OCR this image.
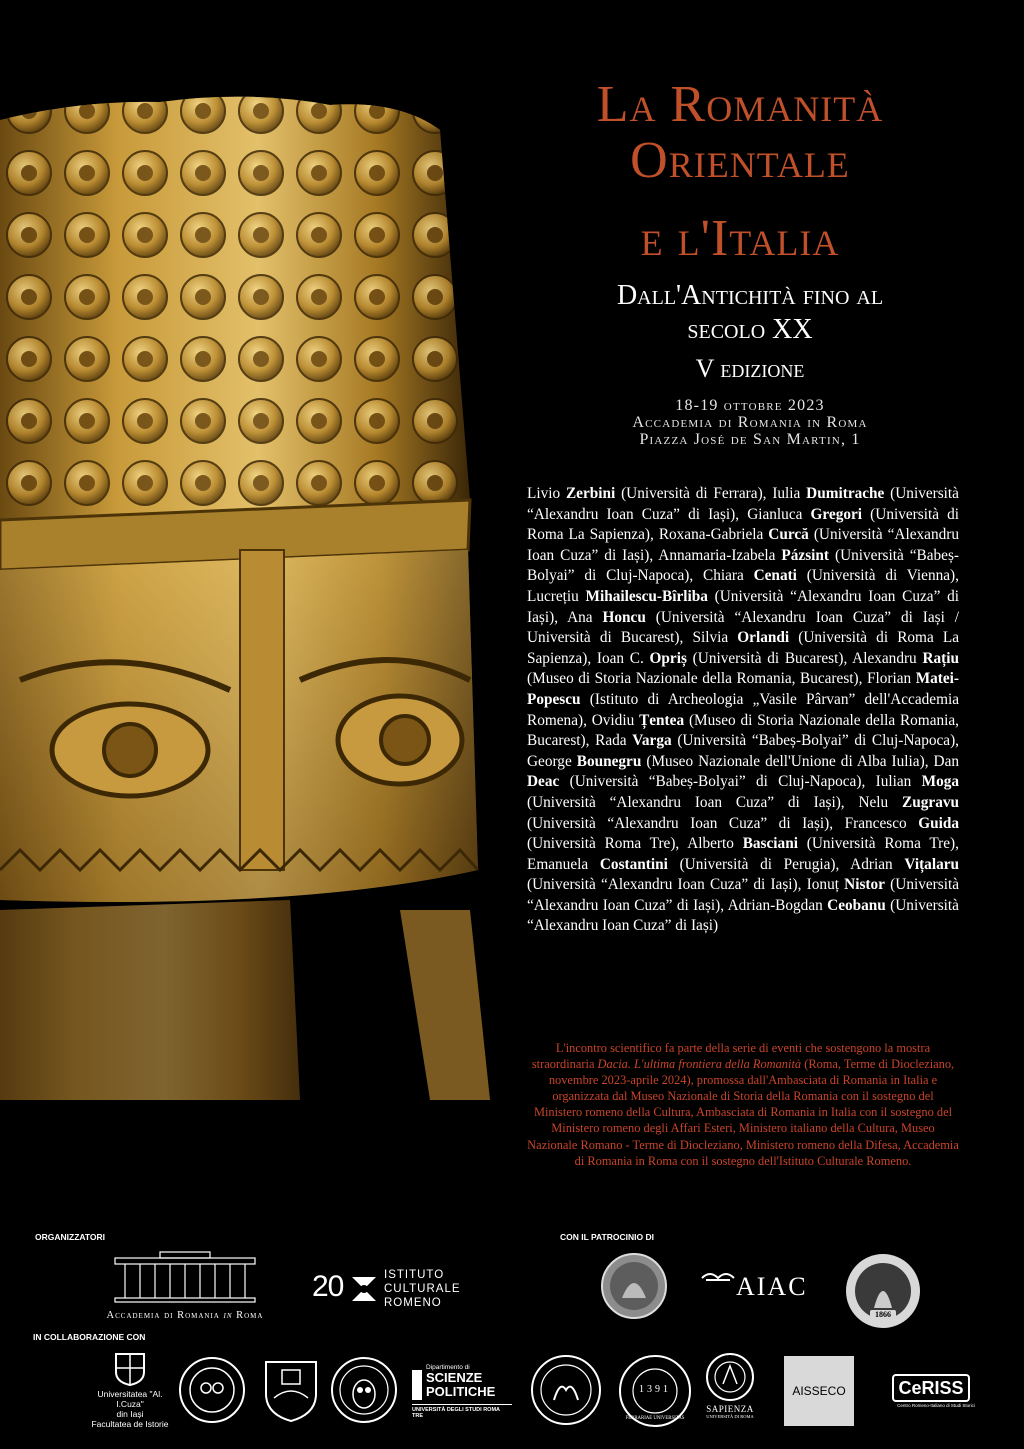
La Romanità
Orientale
e l'Italia
Dall'Antichità fino al
secolo XX
V edizione
18-19 ottobre 2023
Accademia di Romania in Roma
Piazza José de San Martin, 1
Livio Zerbini (Università di Ferrara), Iulia Dumitrache (Università “Alexandru Ioan Cuza” di Iași), Gianluca Gregori (Università di Roma La Sapienza), Roxana-Gabriela Curcă (Università “Alexandru Ioan Cuza” di Iași), Annamaria-Izabela Pázsint (Università “Babeș-Bolyai” di Cluj-Napoca), Chiara Cenati (Università di Vienna), Lucrețiu Mihailescu-Bîrliba (Università “Alexandru Ioan Cuza” di Iași), Ana Honcu (Università “Alexandru Ioan Cuza” di Iași / Università di Bucarest), Silvia Orlandi (Università di Roma La Sapienza), Ioan C. Opriș (Università di Bucarest), Alexandru Rațiu (Museo di Storia Nazionale della Romania, Bucarest), Florian Matei-Popescu (Istituto di Archeologia „Vasile Pârvan” dell'Accademia Romena), Ovidiu Țentea (Museo di Storia Nazionale della Romania, Bucarest), Rada Varga (Università “Babeș-Bolyai” di Cluj-Napoca), George Bounegru (Museo Nazionale dell'Unione di Alba Iulia), Dan Deac (Università “Babeș-Bolyai” di Cluj-Napoca), Iulian Moga (Università “Alexandru Ioan Cuza” di Iași), Nelu Zugravu (Università “Alexandru Ioan Cuza” di Iași), Francesco Guida (Università Roma Tre), Alberto Basciani (Università Roma Tre), Emanuela Costantini (Università di Perugia), Adrian Vițalaru (Università “Alexandru Ioan Cuza” di Iași), Ionuț Nistor (Università “Alexandru Ioan Cuza” di Iași), Adrian-Bogdan Ceobanu (Università “Alexandru Ioan Cuza” di Iași)
L'incontro scientifico fa parte della serie di eventi che sostengono la mostra straordinaria Dacia. L'ultima frontiera della Romanità (Roma, Terme di Diocleziano, novembre 2023-aprile 2024), promossa dall'Ambasciata di Romania in Italia e organizzata dal Museo Nazionale di Storia della Romania con il sostegno del Ministero romeno della Cultura, Ambasciata di Romania in Italia con il sostegno del Ministero romeno degli Affari Esteri, Ministero italiano della Cultura, Museo Nazionale Romano - Terme di Diocleziano, Ministero romeno della Difesa, Accademia di Romania in Roma con il sostegno dell'Istituto Culturale Romeno.
ORGANIZZATORI	CON IL PATROCINIO DI
IN COLLABORAZIONE CON
Accademia di Romania in Roma
20	ISTITUTO
CULTURALE
ROMENO
AIAC
1866
Universitatea "Al. I.Cuza"
din Iași
Facultatea de Istorie
Dipartimento di
SCIENZE
POLITICHE
UNIVERSITÀ DEGLI STUDI ROMA TRE
1391
FERRARIAE UNIVERSITAS
SAPIENZA
UNIVERSITÀ DI ROMA
AISSECO	CeRISS
Centro Romeno-Italiano di Studi Storici
